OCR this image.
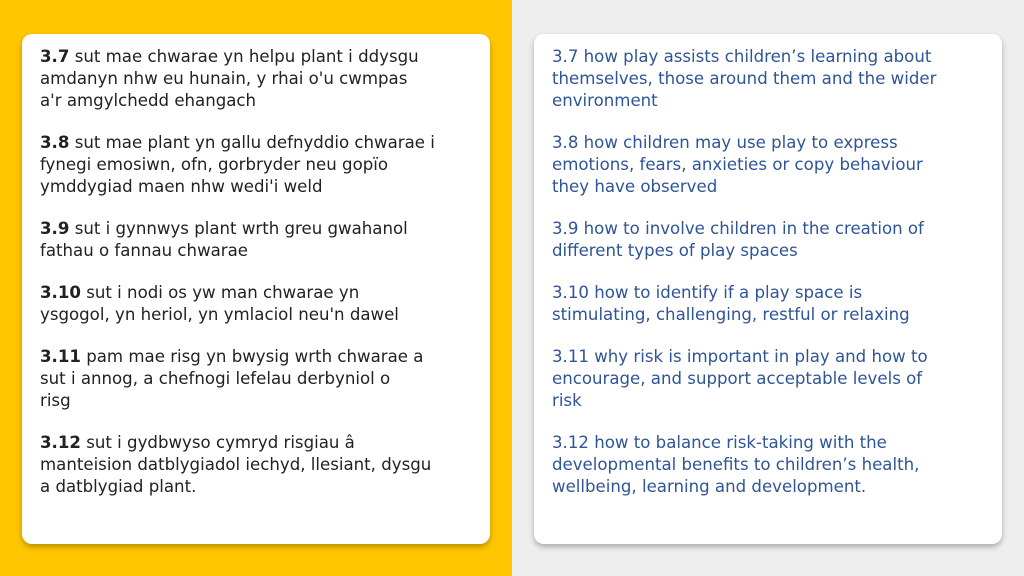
3.7 sut mae chwarae yn helpu plant i ddysgu
amdanyn nhw eu hunain, y rhai o'u cwmpas
a'r amgylchedd ehangach

3.8 sut mae plant yn gallu defnyddio chwarae i
fynegi emosiwn, ofn, gorbryder neu gopïo
ymddygiad maen nhw wedi'i weld

3.9 sut i gynnwys plant wrth greu gwahanol
fathau o fannau chwarae

3.10 sut i nodi os yw man chwarae yn
ysgogol, yn heriol, yn ymlaciol neu'n dawel

3.11 pam mae risg yn bwysig wrth chwarae a
sut i annog, a chefnogi lefelau derbyniol o
risg

3.12 sut i gydbwyso cymryd risgiau â
manteision datblygiadol iechyd, llesiant, dysgu
a datblygiad plant.

3.7 how play assists children’s learning about
themselves, those around them and the wider
environment

3.8 how children may use play to express
emotions, fears, anxieties or copy behaviour
they have observed

3.9 how to involve children in the creation of
different types of play spaces

3.10 how to identify if a play space is
stimulating, challenging, restful or relaxing

3.11 why risk is important in play and how to
encourage, and support acceptable levels of
risk

3.12 how to balance risk-taking with the
developmental benefits to children’s health,
wellbeing, learning and development.
